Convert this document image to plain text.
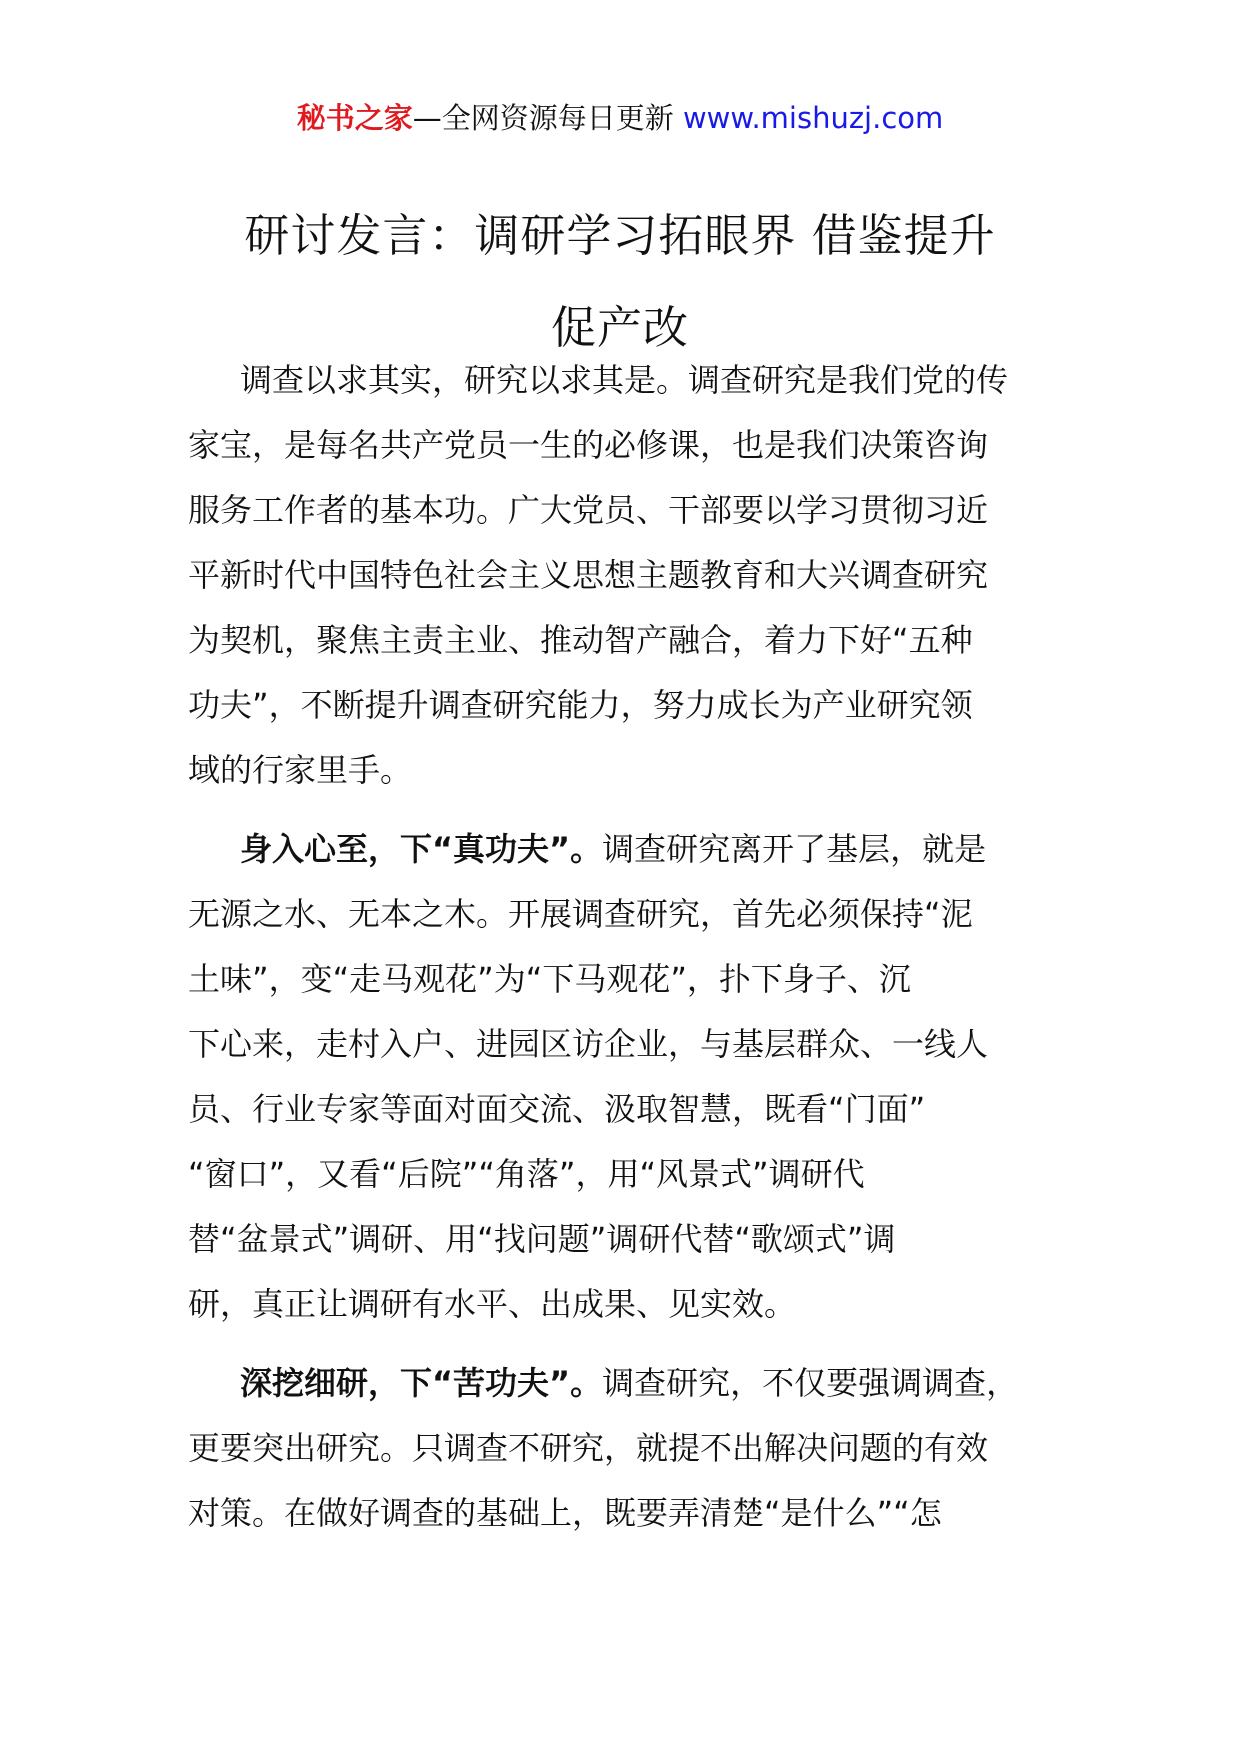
秘书之家—全网资源每日更新 www.mishuzj.com
研讨发言：调研学习拓眼界 借鉴提升
促产改

调查以求其实，研究以求其是。调查研究是我们党的传
家宝，是每名共产党员一生的必修课，也是我们决策咨询
服务工作者的基本功。广大党员、干部要以学习贯彻习近
平新时代中国特色社会主义思想主题教育和大兴调查研究
为契机，聚焦主责主业、推动智产融合，着力下好“五种
功夫”，不断提升调查研究能力，努力成长为产业研究领
域的行家里手。

身入心至，下“真功夫”。调查研究离开了基层，就是
无源之水、无本之木。开展调查研究，首先必须保持“泥
土味”，变“走马观花”为“下马观花”，扑下身子、沉
下心来，走村入户、进园区访企业，与基层群众、一线人
员、行业专家等面对面交流、汲取智慧，既看“门面”
“窗口”，又看“后院”“角落”，用“风景式”调研代
替“盆景式”调研、用“找问题”调研代替“歌颂式”调
研，真正让调研有水平、出成果、见实效。

深挖细研，下“苦功夫”。调查研究，不仅要强调调查，
更要突出研究。只调查不研究，就提不出解决问题的有效
对策。在做好调查的基础上，既要弄清楚“是什么”“怎
